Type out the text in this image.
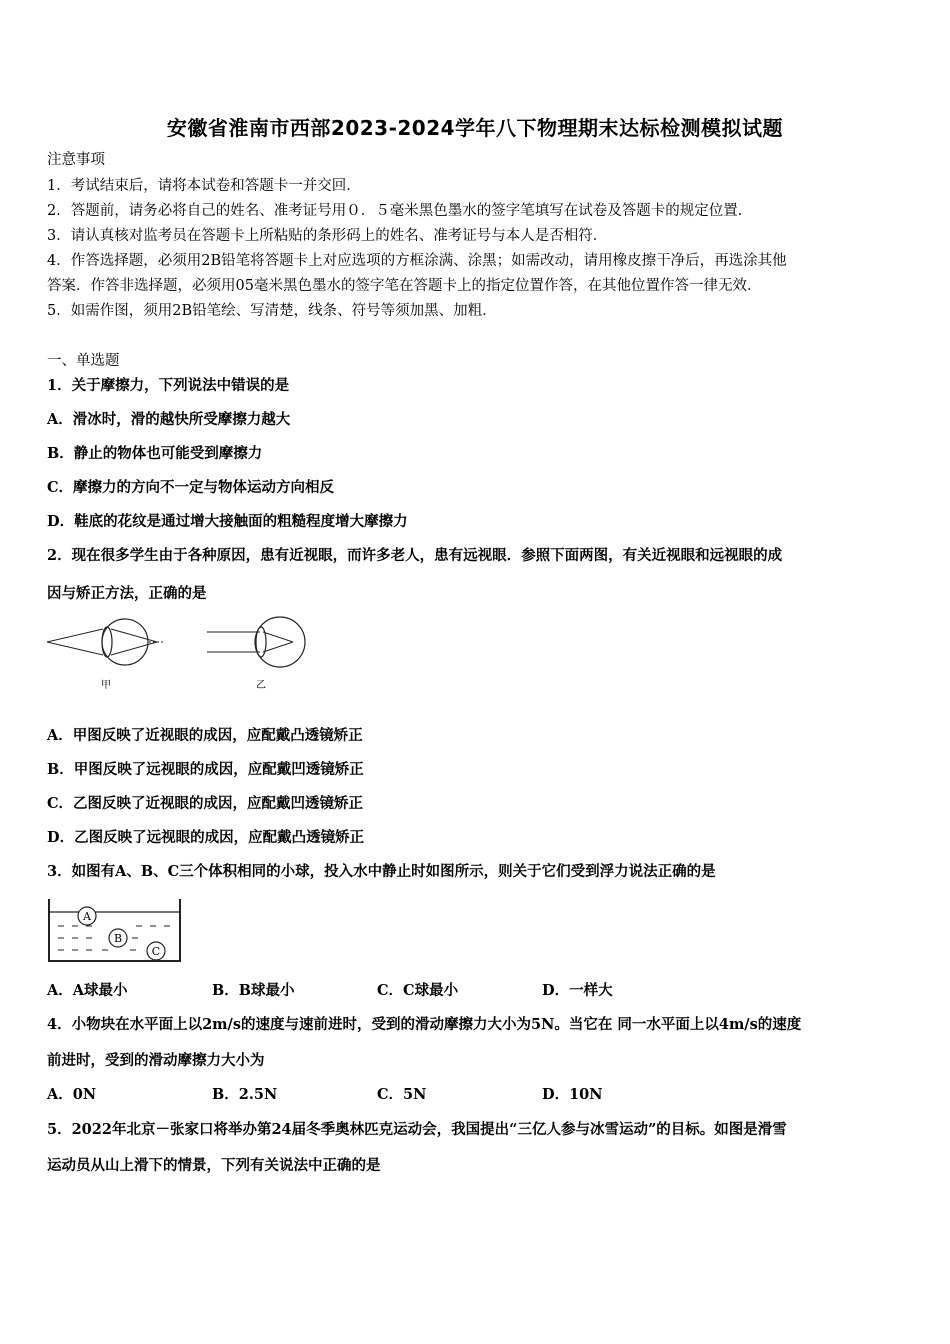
安徽省淮南市西部2023-2024学年八下物理期末达标检测模拟试题
注意事项
1．考试结束后，请将本试卷和答题卡一并交回．
2．答题前，请务必将自己的姓名、准考证号用０．５毫米黑色墨水的签字笔填写在试卷及答题卡的规定位置．
3．请认真核对监考员在答题卡上所粘贴的条形码上的姓名、准考证号与本人是否相符．
4．作答选择题，必须用2B铅笔将答题卡上对应选项的方框涂满、涂黑；如需改动，请用橡皮擦干净后，再选涂其他
答案．作答非选择题，必须用05毫米黑色墨水的签字笔在答题卡上的指定位置作答，在其他位置作答一律无效．
5．如需作图，须用2B铅笔绘、写清楚，线条、符号等须加黑、加粗．
一、单选题
1．关于摩擦力，下列说法中错误的是
A．滑冰时，滑的越快所受摩擦力越大
B．静止的物体也可能受到摩擦力
C．摩擦力的方向不一定与物体运动方向相反
D．鞋底的花纹是通过增大接触面的粗糙程度增大摩擦力
2．现在很多学生由于各种原因，患有近视眼，而许多老人，患有远视眼．参照下面两图，有关近视眼和远视眼的成
因与矫正方法，正确的是
甲	乙
A．甲图反映了近视眼的成因，应配戴凸透镜矫正
B．甲图反映了远视眼的成因，应配戴凹透镜矫正
C．乙图反映了近视眼的成因，应配戴凹透镜矫正
D．乙图反映了远视眼的成因，应配戴凸透镜矫正
3．如图有A、B、C三个体积相同的小球，投入水中静止时如图所示，则关于它们受到浮力说法正确的是
A
B
C
A．A球最小	B．B球最小	C．C球最小	D．一样大
4．小物块在水平面上以2m/s的速度与速前进时，受到的滑动摩擦力大小为5N。当它在 同一水平面上以4m/s的速度
前进时，受到的滑动摩擦力大小为
A．0N	B．2.5N	C．5N	D．10N
5．2022年北京－张家口将举办第24届冬季奥林匹克运动会，我国提出“三亿人参与冰雪运动”的目标。如图是滑雪
运动员从山上滑下的情景，下列有关说法中正确的是
